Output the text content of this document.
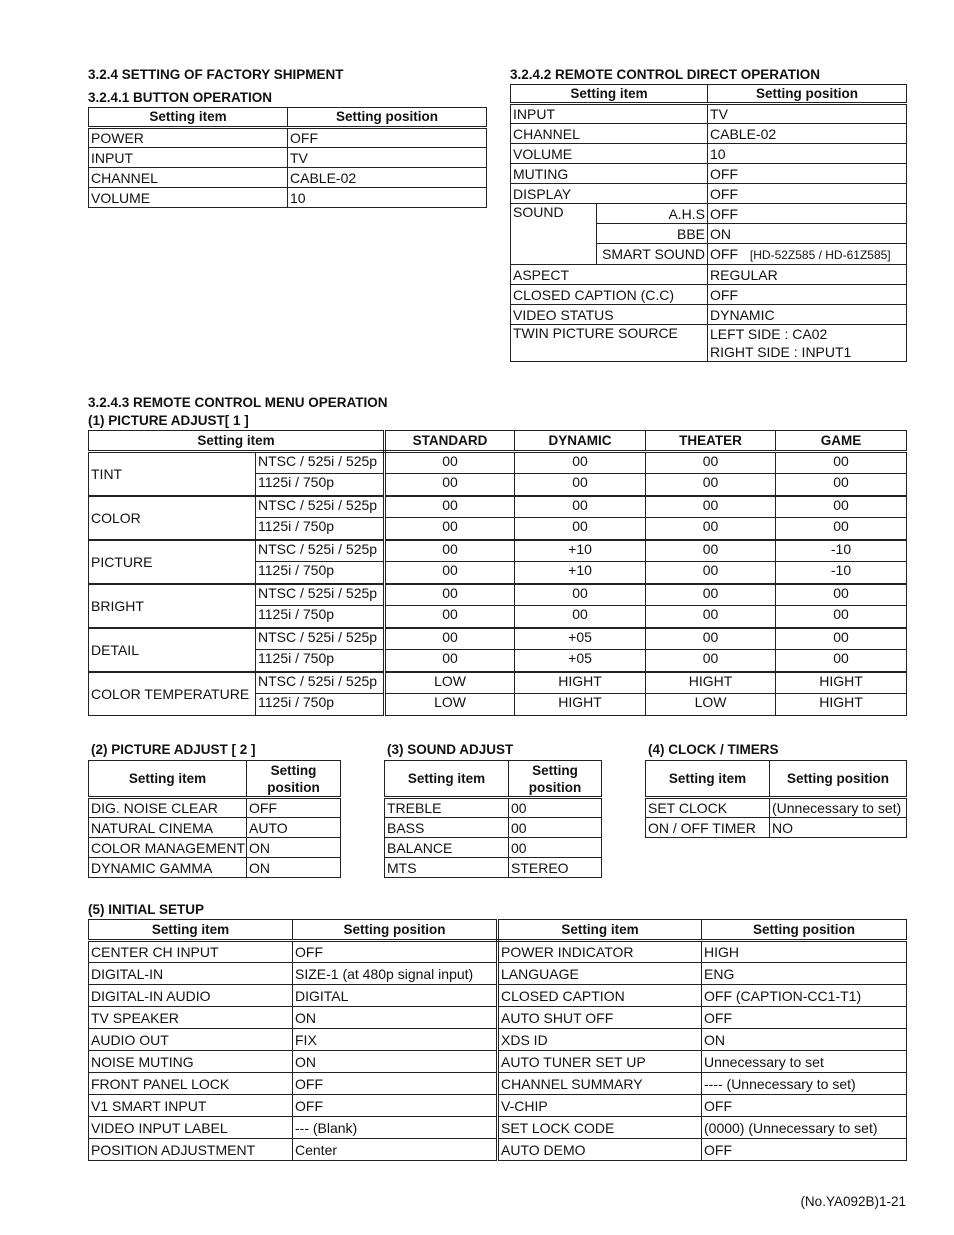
3.2.4 SETTING OF FACTORY SHIPMENT
3.2.4.1 BUTTON OPERATION
3.2.4.2 REMOTE CONTROL DIRECT OPERATION
3.2.4.3 REMOTE CONTROL MENU OPERATION
(1) PICTURE ADJUST[ 1 ]
(2) PICTURE ADJUST [ 2 ]	(3) SOUND ADJUST	(4) CLOCK / TIMERS
(5) INITIAL SETUP
Setting item	Setting position
POWER	OFF
INPUT	TV
CHANNEL	CABLE-02
VOLUME	10
Setting item		Setting position
INPUT		TV
CHANNEL		CABLE-02
VOLUME		10
MUTING		OFF
DISPLAY		OFF
SOUND	A.H.S	OFF
	BBE	ON
	SMART SOUND	OFF [HD-52Z585 / HD-61Z585]
ASPECT		REGULAR
CLOSED CAPTION (C.C)		OFF
VIDEO STATUS		DYNAMIC
TWIN PICTURE SOURCE		LEFT SIDE : CA02
RIGHT SIDE : INPUT1
Setting item		STANDARD	DYNAMIC	THEATER	GAME
TINT	NTSC / 525i / 525p	00	00	00	00
	1125i / 750p	00	00	00	00
COLOR	NTSC / 525i / 525p	00	00	00	00
	1125i / 750p	00	00	00	00
PICTURE	NTSC / 525i / 525p	00	+10	00	-10
	1125i / 750p	00	+10	00	-10
BRIGHT	NTSC / 525i / 525p	00	00	00	00
	1125i / 750p	00	00	00	00
DETAIL	NTSC / 525i / 525p	00	+05	00	00
	1125i / 750p	00	+05	00	00
COLOR TEMPERATURE	NTSC / 525i / 525p	LOW	HIGHT	HIGHT	HIGHT
	1125i / 750p	LOW	HIGHT	LOW	HIGHT
Setting item	Setting position
DIG. NOISE CLEAR	OFF
NATURAL CINEMA	AUTO
COLOR MANAGEMENT	ON
DYNAMIC GAMMA	ON
Setting item	Setting position
TREBLE	00
BASS	00
BALANCE	00
MTS	STEREO
Setting item	Setting position
SET CLOCK	(Unnecessary to set)
ON / OFF TIMER	NO
Setting item	Setting position	Setting item	Setting position
CENTER CH INPUT	OFF	POWER INDICATOR	HIGH
DIGITAL-IN	SIZE-1 (at 480p signal input)	LANGUAGE	ENG
DIGITAL-IN AUDIO	DIGITAL	CLOSED CAPTION	OFF (CAPTION-CC1-T1)
TV SPEAKER	ON	AUTO SHUT OFF	OFF
AUDIO OUT	FIX	XDS ID	ON
NOISE MUTING	ON	AUTO TUNER SET UP	Unnecessary to set
FRONT PANEL LOCK	OFF	CHANNEL SUMMARY	---- (Unnecessary to set)
V1 SMART INPUT	OFF	V-CHIP	OFF
VIDEO INPUT LABEL	--- (Blank)	SET LOCK CODE	(0000) (Unnecessary to set)
POSITION ADJUSTMENT	Center	AUTO DEMO	OFF
(No.YA092B)1-21
